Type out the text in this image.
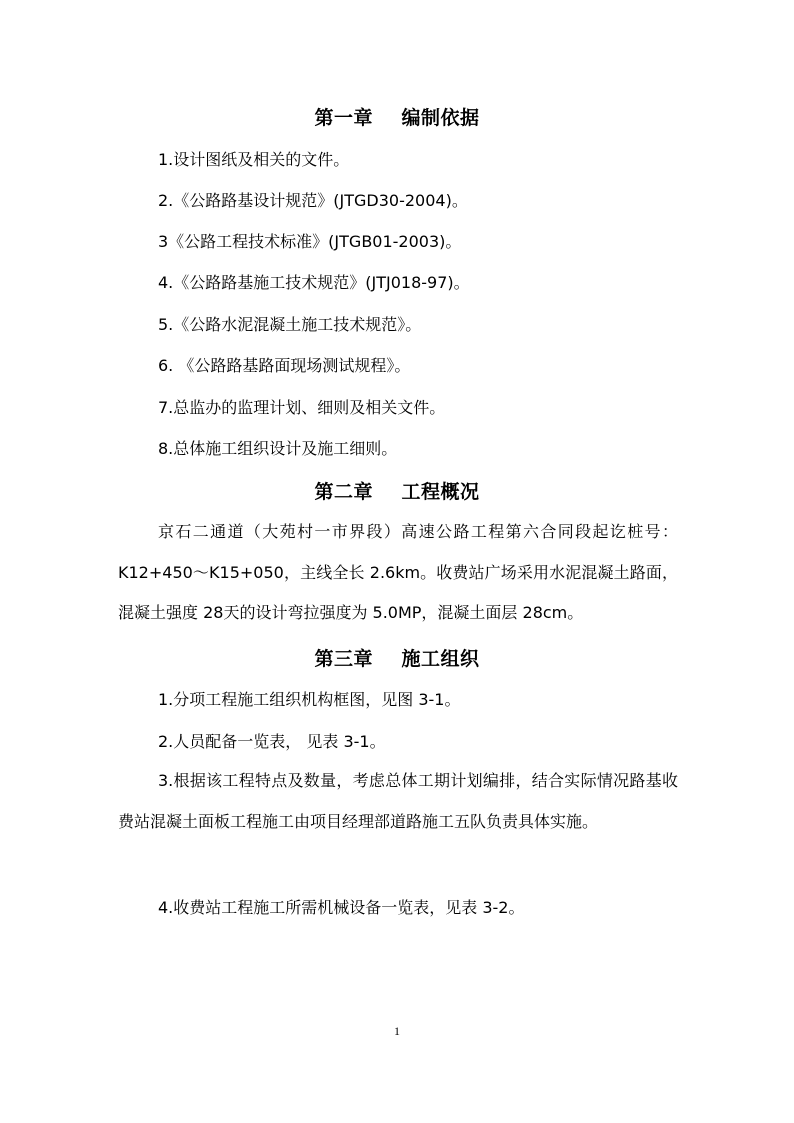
第一章    编制依据
1.设计图纸及相关的文件。
2.《公路路基设计规范》(JTGD30-2004)。
3《公路工程技术标准》(JTGB01-2003)。
4.《公路路基施工技术规范》(JTJ018-97)。
5.《公路水泥混凝土施工技术规范》。
6. 《公路路基路面现场测试规程》。
7.总监办的监理计划、细则及相关文件。
8.总体施工组织设计及施工细则。
第二章    工程概况
京石二通道（大苑村一市界段）高速公路工程第六合同段起讫桩号：K12+450～K15+050，主线全长 2.6km。收费站广场采用水泥混凝土路面，混凝土强度 28天的设计弯拉强度为 5.0MP，混凝土面层 28cm。
第三章    施工组织
1.分项工程施工组织机构框图，见图 3-1。
2.人员配备一览表， 见表 3-1。
3.根据该工程特点及数量，考虑总体工期计划编排，结合实际情况路基收费站混凝土面板工程施工由项目经理部道路施工五队负责具体实施。
4.收费站工程施工所需机械设备一览表，见表 3-2。
1
